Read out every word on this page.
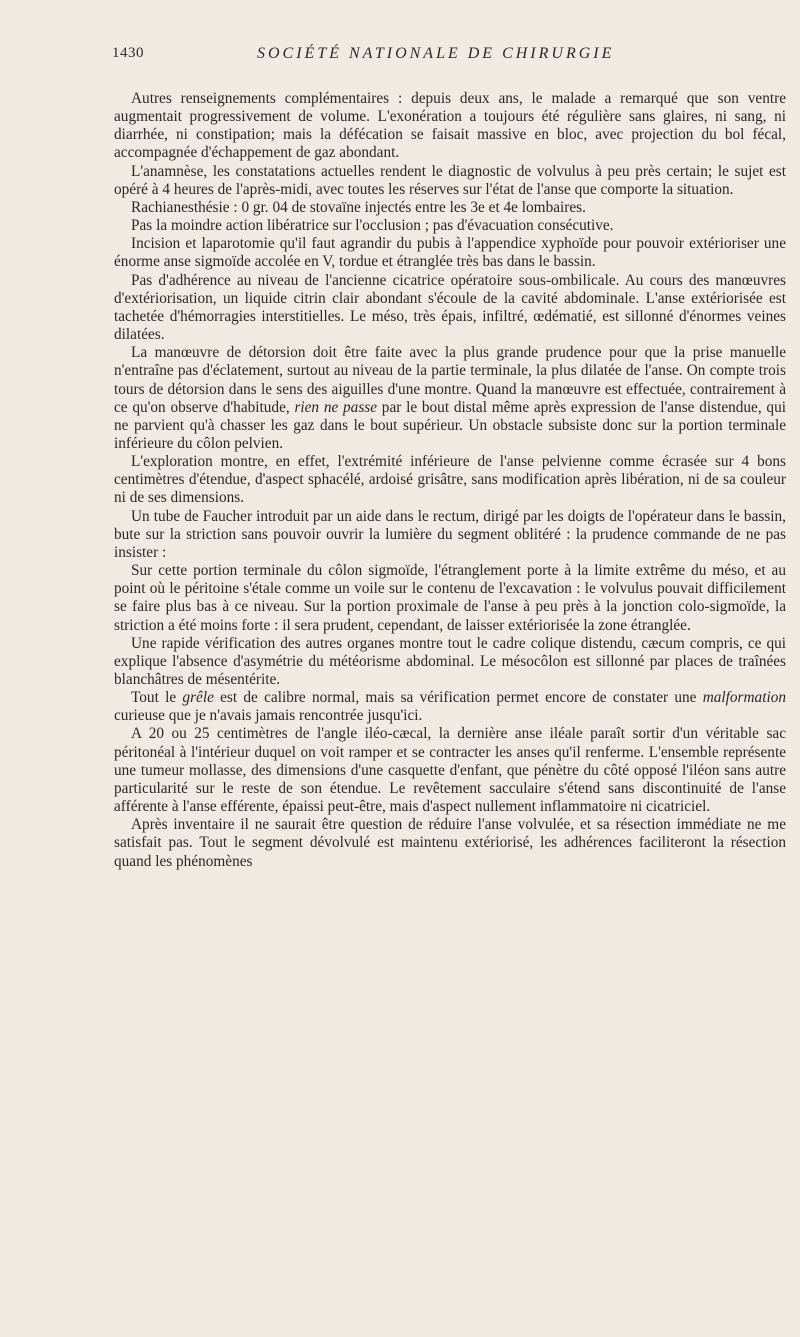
1430	SOCIÉTÉ NATIONALE DE CHIRURGIE

Autres renseignements complémentaires : depuis deux ans, le malade a remarqué que son ventre augmentait progressivement de volume. L'exonération a toujours été régulière sans glaires, ni sang, ni diarrhée, ni constipation; mais la défécation se faisait massive en bloc, avec projection du bol fécal, accompagnée d'échappement de gaz abondant.

L'anamnèse, les constatations actuelles rendent le diagnostic de volvulus à peu près certain; le sujet est opéré à 4 heures de l'après-midi, avec toutes les réserves sur l'état de l'anse que comporte la situation.

Rachianesthésie : 0 gr. 04 de stovaïne injectés entre les 3e et 4e lombaires.

Pas la moindre action libératrice sur l'occlusion ; pas d'évacuation consécutive.

Incision et laparotomie qu'il faut agrandir du pubis à l'appendice xyphoïde pour pouvoir extérioriser une énorme anse sigmoïde accolée en V, tordue et étranglée très bas dans le bassin.

Pas d'adhérence au niveau de l'ancienne cicatrice opératoire sous-ombilicale. Au cours des manœuvres d'extériorisation, un liquide citrin clair abondant s'écoule de la cavité abdominale. L'anse extériorisée est tachetée d'hémorragies interstitielles. Le méso, très épais, infiltré, œdématié, est sillonné d'énormes veines dilatées.

La manœuvre de détorsion doit être faite avec la plus grande prudence pour que la prise manuelle n'entraîne pas d'éclatement, surtout au niveau de la partie terminale, la plus dilatée de l'anse. On compte trois tours de détorsion dans le sens des aiguilles d'une montre. Quand la manœuvre est effectuée, contrairement à ce qu'on observe d'habitude, rien ne passe par le bout distal même après expression de l'anse distendue, qui ne parvient qu'à chasser les gaz dans le bout supérieur. Un obstacle subsiste donc sur la portion terminale inférieure du côlon pelvien.

L'exploration montre, en effet, l'extrémité inférieure de l'anse pelvienne comme écrasée sur 4 bons centimètres d'étendue, d'aspect sphacélé, ardoisé grisâtre, sans modification après libération, ni de sa couleur ni de ses dimensions.

Un tube de Faucher introduit par un aide dans le rectum, dirigé par les doigts de l'opérateur dans le bassin, bute sur la striction sans pouvoir ouvrir la lumière du segment oblitéré : la prudence commande de ne pas insister :

Sur cette portion terminale du côlon sigmoïde, l'étranglement porte à la limite extrême du méso, et au point où le péritoine s'étale comme un voile sur le contenu de l'excavation : le volvulus pouvait difficilement se faire plus bas à ce niveau. Sur la portion proximale de l'anse à peu près à la jonction colo-sigmoïde, la striction a été moins forte : il sera prudent, cependant, de laisser extériorisée la zone étranglée.

Une rapide vérification des autres organes montre tout le cadre colique distendu, cæcum compris, ce qui explique l'absence d'asymétrie du météorisme abdominal. Le mésocôlon est sillonné par places de traînées blanchâtres de mésentérite.

Tout le grêle est de calibre normal, mais sa vérification permet encore de constater une malformation curieuse que je n'avais jamais rencontrée jusqu'ici.

A 20 ou 25 centimètres de l'angle iléo-cæcal, la dernière anse iléale paraît sortir d'un véritable sac péritonéal à l'intérieur duquel on voit ramper et se contracter les anses qu'il renferme. L'ensemble représente une tumeur mollasse, des dimensions d'une casquette d'enfant, que pénètre du côté opposé l'iléon sans autre particularité sur le reste de son étendue. Le revêtement sacculaire s'étend sans discontinuité de l'anse afférente à l'anse efférente, épaissi peut-être, mais d'aspect nullement inflammatoire ni cicatriciel.

Après inventaire il ne saurait être question de réduire l'anse volvulée, et sa résection immédiate ne me satisfait pas. Tout le segment dévolvulé est maintenu extériorisé, les adhérences faciliteront la résection quand les phénomènes
